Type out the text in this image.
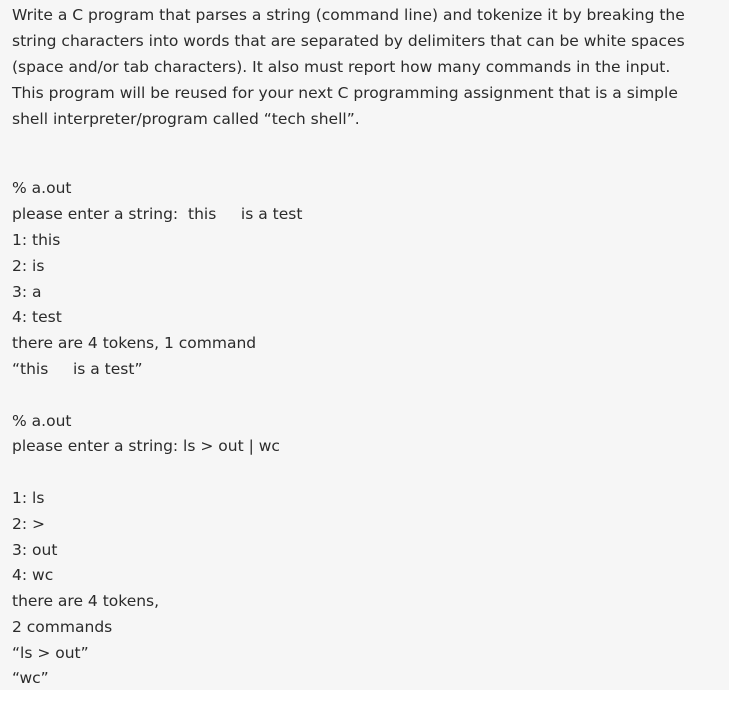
Write a C program that parses a string (command line) and tokenize it by breaking the
string characters into words that are separated by delimiters that can be white spaces
(space and/or tab characters). It also must report how many commands in the input.
This program will be reused for your next C programming assignment that is a simple
shell interpreter/program called “tech shell”.
% a.out
please enter a string:  this     is a test
1: this
2: is
3: a
4: test
there are 4 tokens, 1 command
“this     is a test”
% a.out
please enter a string: ls > out | wc
1: ls
2: >
3: out
4: wc
there are 4 tokens,
2 commands
“ls > out”
“wc”
